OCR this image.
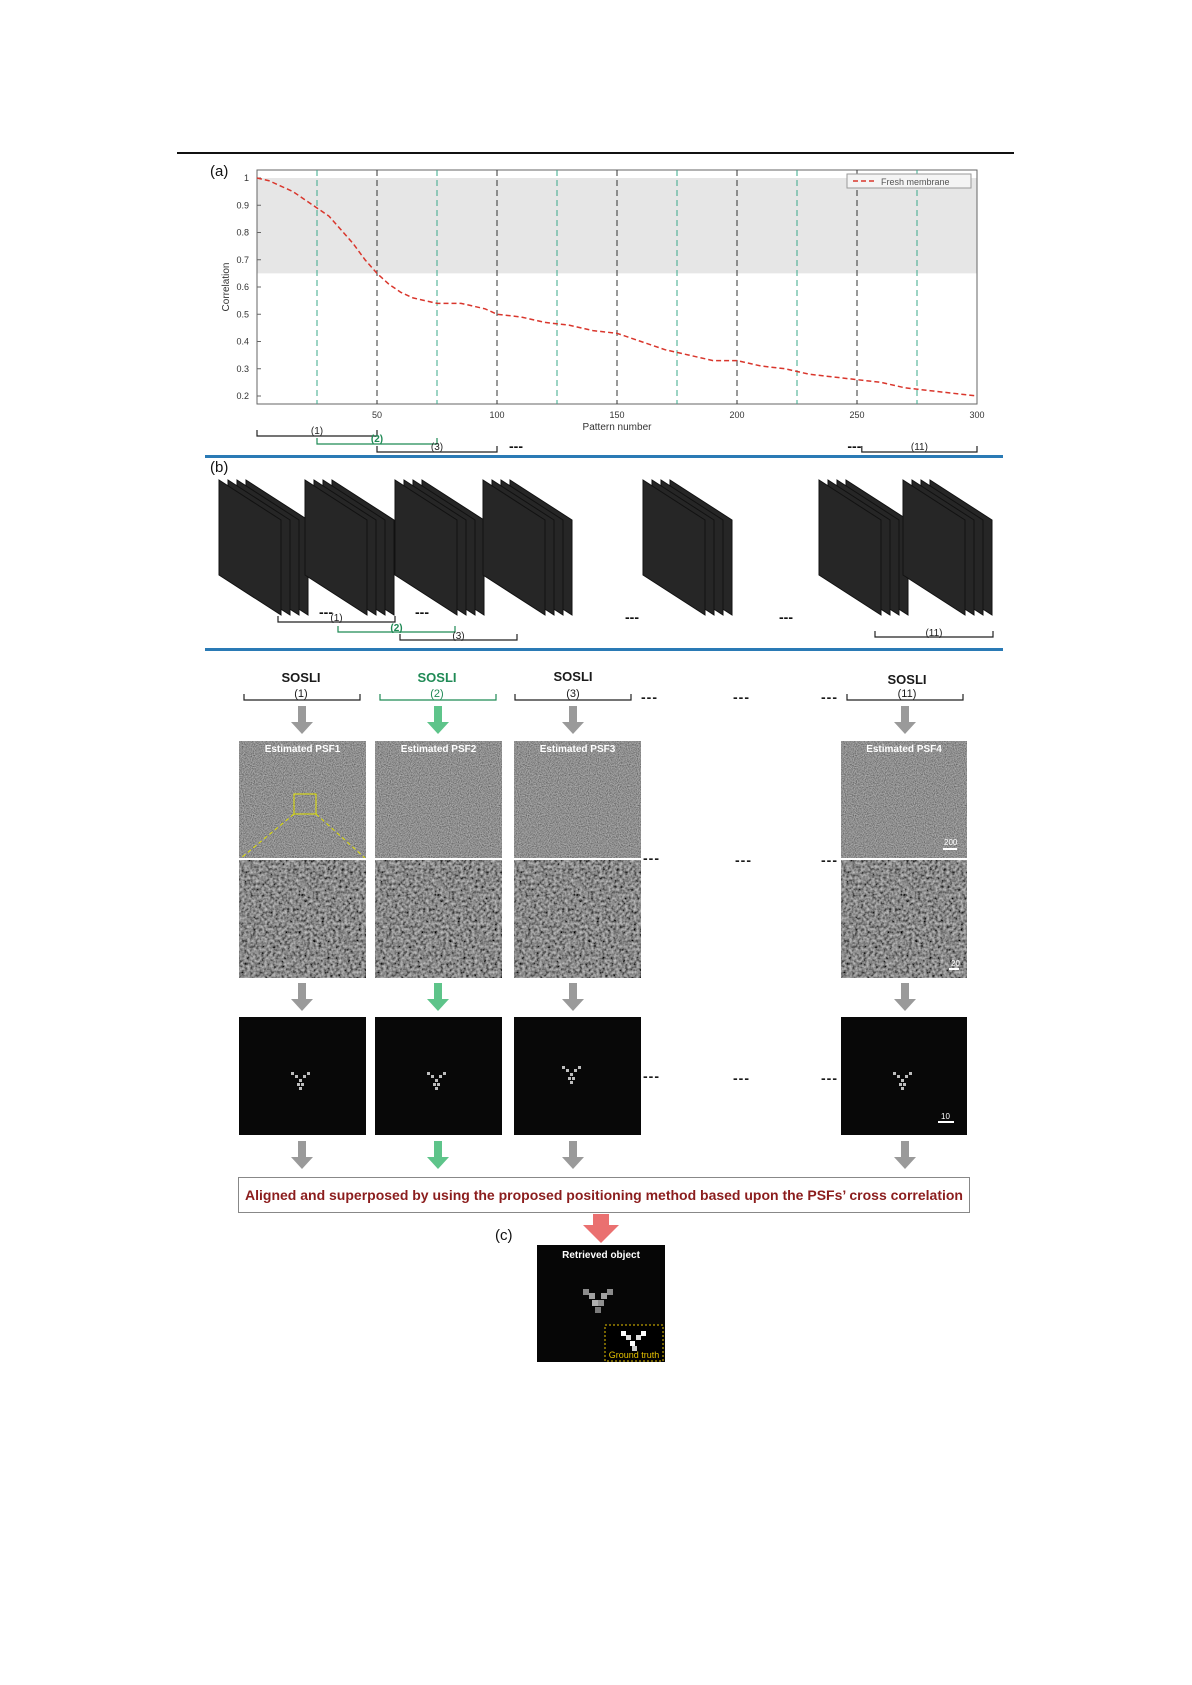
(a)
0.2
0.3
0.4
0.5
0.6
0.7
0.8
0.9
1
50	100	150	200	250	300
Pattern number
Correlation
Fresh membrane
(1)
(2)
(3)	(11)
---	---
(b)
(1)
(2)
(3)	(11)
---	---	---	---
SOSLI	SOSLI	SOSLI	SOSLI
(1)	(2)	(3)	(11)
---	---	---
Estimated PSF1	Estimated PSF2	Estimated PSF3	Estimated PSF4
200
20
---	---	---
10
---	---	---
Aligned and superposed by using the proposed positioning method based upon the PSFs’ cross correlation
(c)
Retrieved object
Ground truth
